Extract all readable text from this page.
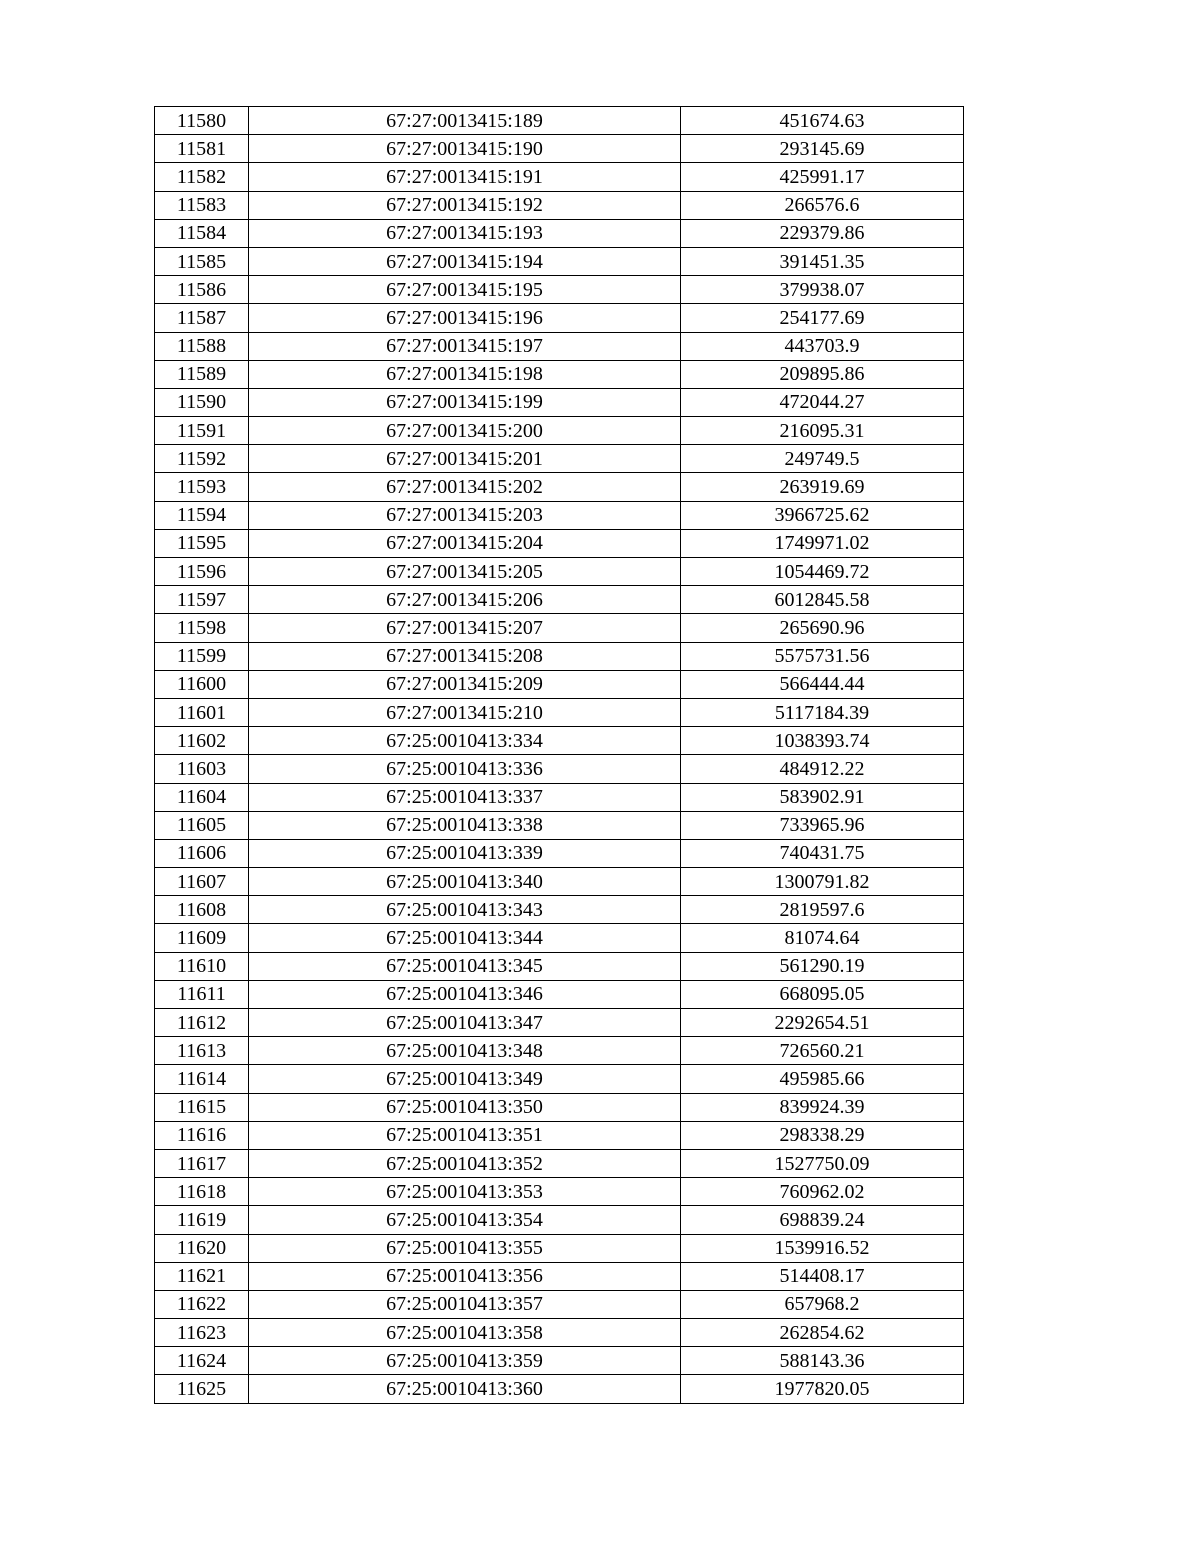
11580	67:27:0013415:189	451674.63
11581	67:27:0013415:190	293145.69
11582	67:27:0013415:191	425991.17
11583	67:27:0013415:192	266576.6
11584	67:27:0013415:193	229379.86
11585	67:27:0013415:194	391451.35
11586	67:27:0013415:195	379938.07
11587	67:27:0013415:196	254177.69
11588	67:27:0013415:197	443703.9
11589	67:27:0013415:198	209895.86
11590	67:27:0013415:199	472044.27
11591	67:27:0013415:200	216095.31
11592	67:27:0013415:201	249749.5
11593	67:27:0013415:202	263919.69
11594	67:27:0013415:203	3966725.62
11595	67:27:0013415:204	1749971.02
11596	67:27:0013415:205	1054469.72
11597	67:27:0013415:206	6012845.58
11598	67:27:0013415:207	265690.96
11599	67:27:0013415:208	5575731.56
11600	67:27:0013415:209	566444.44
11601	67:27:0013415:210	5117184.39
11602	67:25:0010413:334	1038393.74
11603	67:25:0010413:336	484912.22
11604	67:25:0010413:337	583902.91
11605	67:25:0010413:338	733965.96
11606	67:25:0010413:339	740431.75
11607	67:25:0010413:340	1300791.82
11608	67:25:0010413:343	2819597.6
11609	67:25:0010413:344	81074.64
11610	67:25:0010413:345	561290.19
11611	67:25:0010413:346	668095.05
11612	67:25:0010413:347	2292654.51
11613	67:25:0010413:348	726560.21
11614	67:25:0010413:349	495985.66
11615	67:25:0010413:350	839924.39
11616	67:25:0010413:351	298338.29
11617	67:25:0010413:352	1527750.09
11618	67:25:0010413:353	760962.02
11619	67:25:0010413:354	698839.24
11620	67:25:0010413:355	1539916.52
11621	67:25:0010413:356	514408.17
11622	67:25:0010413:357	657968.2
11623	67:25:0010413:358	262854.62
11624	67:25:0010413:359	588143.36
11625	67:25:0010413:360	1977820.05
